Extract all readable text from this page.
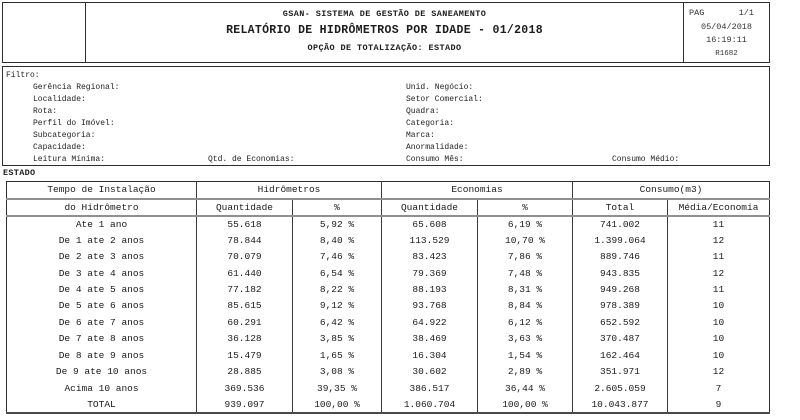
GSAN- SISTEMA DE GESTÃO DE SANEAMENTO
RELATÓRIO DE HIDRÔMETROS POR IDADE - 01/2018
OPÇÃO DE TOTALIZAÇÃO: ESTADO
PAG	1/1
05/04/2018
16:19:11
R1682
Filtro:
Gerência Regional:
Localidade:
Rota:
Perfil do Imóvel:
Subcategoria:
Capacidade:
Leitura Mínima:
Unid. Negócio:
Setor Comercial:
Quadra:
Categoria:
Marca:
Anormalidade:
Consumo Mês:
Qtd. de Economias:	Consumo Médio:
ESTADO
Tempo de Instalação	Hidrômetros		Economias		Consumo(m3)	
do Hidrômetro	Quantidade	%	Quantidade	%	Total	Média/Economia
Ate 1 ano	55.618	5,92 %	65.608	6,19 %	741.002	11
De 1 ate 2 anos	78.844	8,40 %	113.529	10,70 %	1.399.064	12
De 2 ate 3 anos	70.079	7,46 %	83.423	7,86 %	889.746	11
De 3 ate 4 anos	61.440	6,54 %	79.369	7,48 %	943.835	12
De 4 ate 5 anos	77.182	8,22 %	88.193	8,31 %	949.268	11
De 5 ate 6 anos	85.615	9,12 %	93.768	8,84 %	978.389	10
De 6 ate 7 anos	60.291	6,42 %	64.922	6,12 %	652.592	10
De 7 ate 8 anos	36.128	3,85 %	38.469	3,63 %	370.487	10
De 8 ate 9 anos	15.479	1,65 %	16.304	1,54 %	162.464	10
De 9 ate 10 anos	28.885	3,08 %	30.602	2,89 %	351.971	12
Acima 10 anos	369.536	39,35 %	386.517	36,44 %	2.605.059	7
TOTAL	939.097	100,00 %	1.060.704	100,00 %	10.043.877	9
